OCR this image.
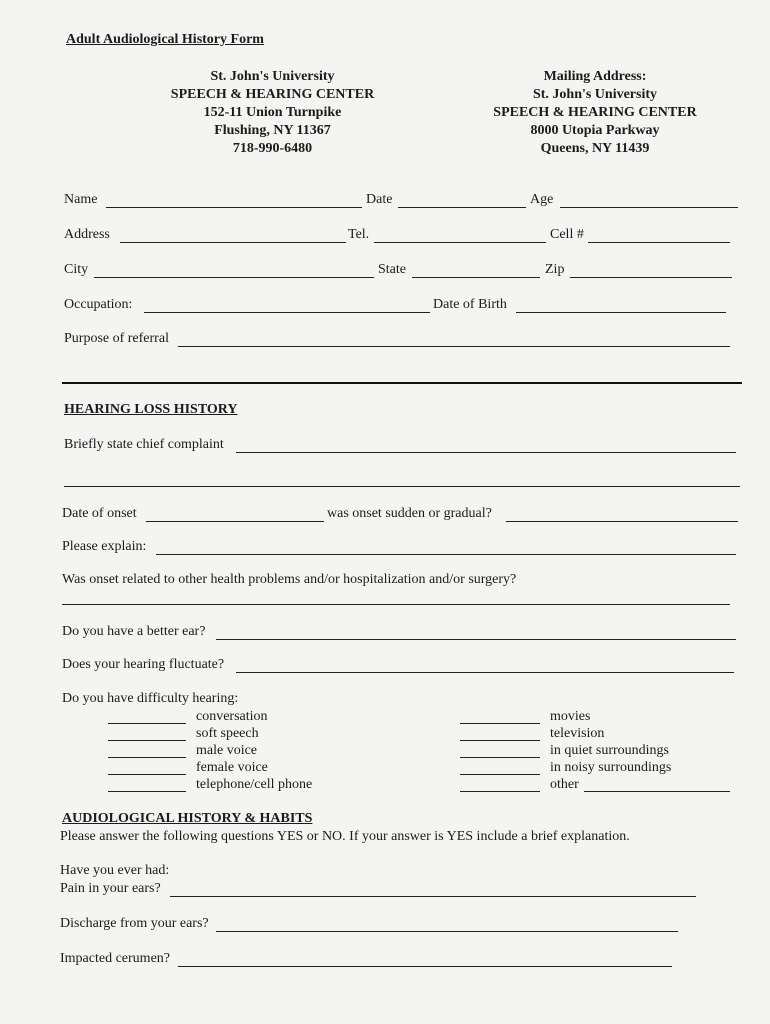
Adult Audiological History Form
St. John's University
SPEECH & HEARING CENTER
152-11 Union Turnpike
Flushing, NY 11367
718-990-6480
Mailing Address:
St. John's University
SPEECH & HEARING CENTER
8000 Utopia Parkway
Queens, NY 11439
Name	Date	Age
Address	Tel.	Cell #
City	State	Zip
Occupation:	Date of Birth
Purpose of referral
HEARING LOSS HISTORY
Briefly state chief complaint
Date of onset	was onset sudden or gradual?
Please explain:
Was onset related to other health problems and/or hospitalization and/or surgery?
Do you have a better ear?
Does your hearing fluctuate?
Do you have difficulty hearing:
conversation
soft speech
male voice
female voice
telephone/cell phone
movies
television
in quiet surroundings
in noisy surroundings
other
AUDIOLOGICAL HISTORY & HABITS
Please answer the following questions YES or NO. If your answer is YES include a brief explanation.
Have you ever had:
Pain in your ears?
Discharge from your ears?
Impacted cerumen?
